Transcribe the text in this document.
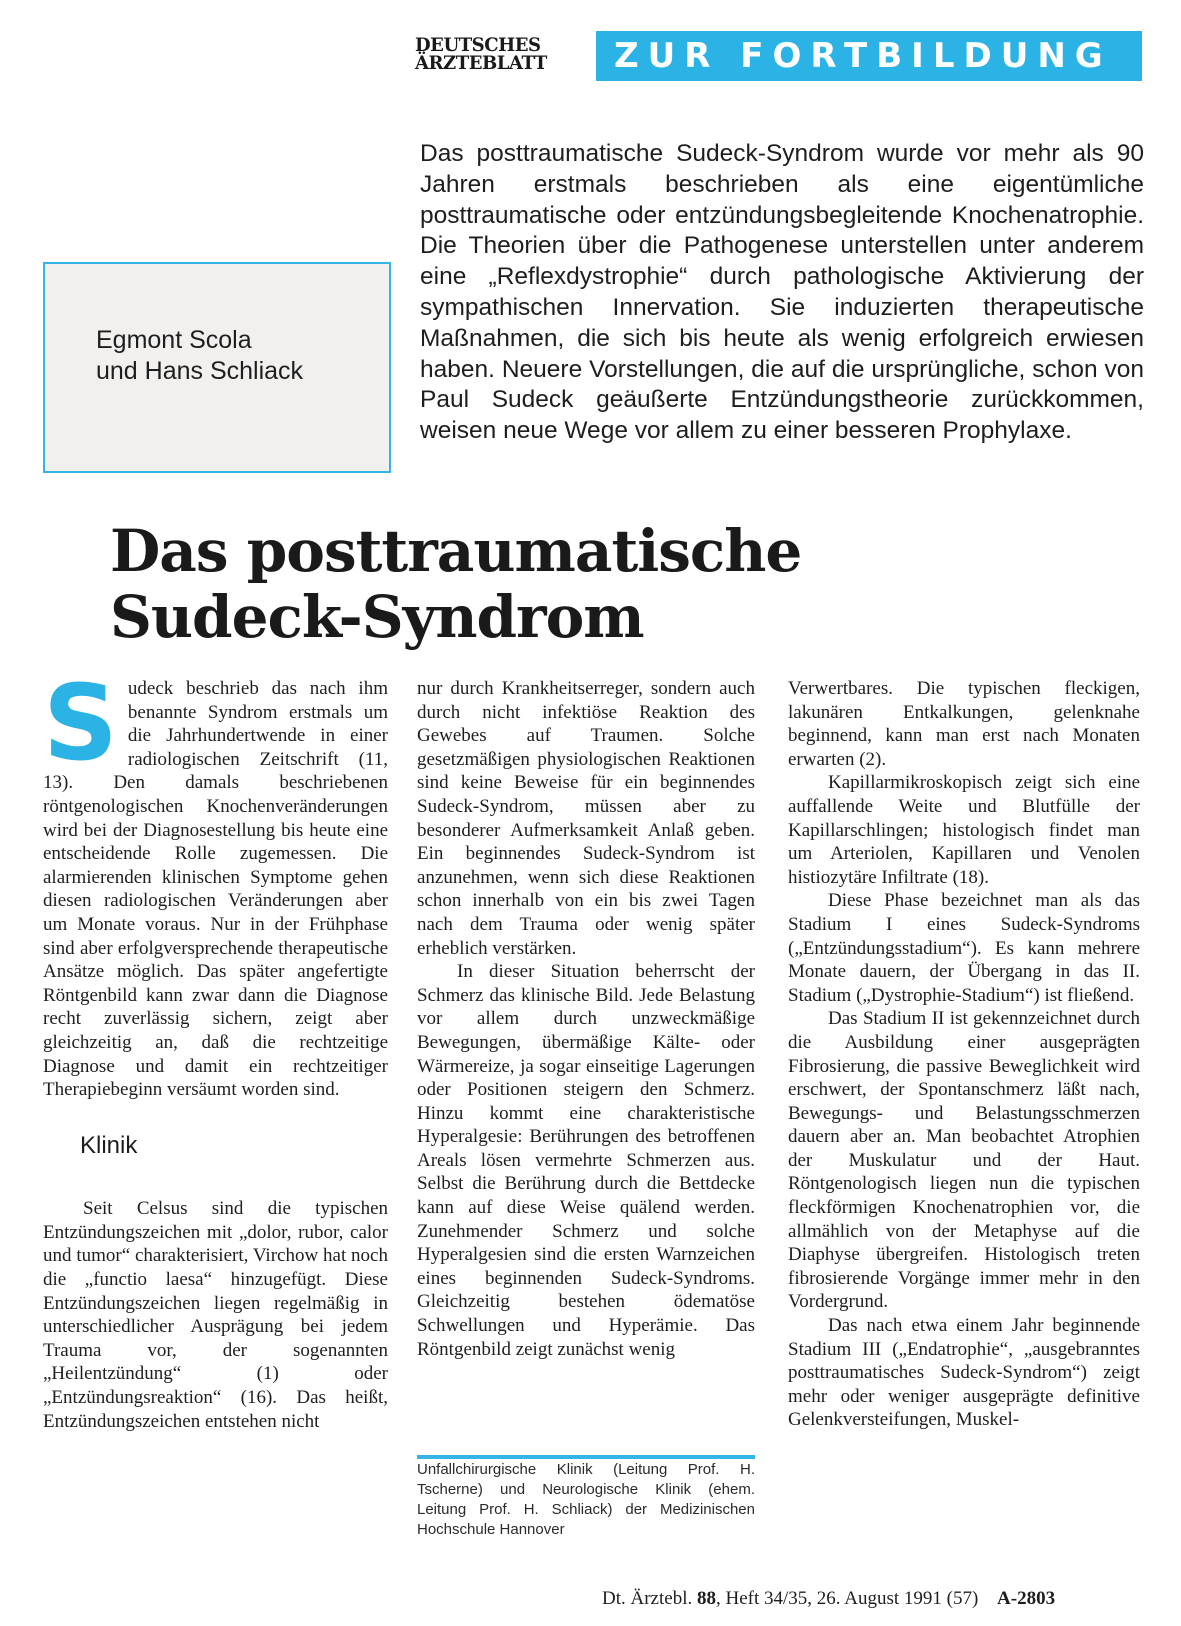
DEUTSCHES
ÄRZTEBLATT	ZUR FORTBILDUNG
Egmont Scola
und Hans Schliack
Das posttraumatische Sudeck-Syndrom wurde vor mehr als 90 Jahren erstmals beschrieben als eine eigentümliche posttraumatische oder entzündungsbegleitende Knochenatrophie. Die Theorien über die Pathogenese unterstellen unter anderem eine „Reflexdystrophie“ durch pathologische Aktivierung der sympathischen Innervation. Sie induzierten therapeutische Maßnahmen, die sich bis heute als wenig erfolgreich erwiesen haben. Neuere Vorstellungen, die auf die ursprüngliche, schon von Paul Sudeck geäußerte Entzündungstheorie zurückkommen, weisen neue Wege vor allem zu einer besseren Prophylaxe.
Das posttraumatische
Sudeck-Syndrom

Sudeck beschrieb das nach ihm benannte Syndrom erstmals um die Jahrhundertwende in einer radiologischen Zeitschrift (11, 13). Den damals beschriebenen röntgenologischen Knochenveränderungen wird bei der Diagnosestellung bis heute eine entscheidende Rolle zugemessen. Die alarmierenden klinischen Symptome gehen diesen radiologischen Veränderungen aber um Monate voraus. Nur in der Frühphase sind aber erfolgversprechende therapeutische Ansätze möglich. Das später angefertigte Röntgenbild kann zwar dann die Diagnose recht zuverlässig sichern, zeigt aber gleichzeitig an, daß die rechtzeitige Diagnose und damit ein rechtzeitiger Therapiebeginn versäumt worden sind.

Klinik

Seit Celsus sind die typischen Entzündungszeichen mit „dolor, rubor, calor und tumor“ charakterisiert, Virchow hat noch die „functio laesa“ hinzugefügt. Diese Entzündungszeichen liegen regelmäßig in unterschiedlicher Ausprägung bei jedem Trauma vor, der sogenannten „Heilentzündung“ (1) oder „Entzündungsreaktion“ (16). Das heißt, Entzündungszeichen entstehen nicht

nur durch Krankheitserreger, sondern auch durch nicht infektiöse Reaktion des Gewebes auf Traumen. Solche gesetzmäßigen physiologischen Reaktionen sind keine Beweise für ein beginnendes Sudeck-Syndrom, müssen aber zu besonderer Aufmerksamkeit Anlaß geben. Ein beginnendes Sudeck-Syndrom ist anzunehmen, wenn sich diese Reaktionen schon innerhalb von ein bis zwei Tagen nach dem Trauma oder wenig später erheblich verstärken.

In dieser Situation beherrscht der Schmerz das klinische Bild. Jede Belastung vor allem durch unzweckmäßige Bewegungen, übermäßige Kälte- oder Wärmereize, ja sogar einseitige Lagerungen oder Positionen steigern den Schmerz. Hinzu kommt eine charakteristische Hyperalgesie: Berührungen des betroffenen Areals lösen vermehrte Schmerzen aus. Selbst die Berührung durch die Bettdecke kann auf diese Weise quälend werden. Zunehmender Schmerz und solche Hyperalgesien sind die ersten Warnzeichen eines beginnenden Sudeck-Syndroms. Gleichzeitig bestehen ödematöse Schwellungen und Hyperämie. Das Röntgenbild zeigt zunächst wenig

Unfallchirurgische Klinik (Leitung Prof. H. Tscherne) und Neurologische Klinik (ehem. Leitung Prof. H. Schliack) der Medizinischen Hochschule Hannover

Verwertbares. Die typischen fleckigen, lakunären Entkalkungen, gelenknahe beginnend, kann man erst nach Monaten erwarten (2).

Kapillarmikroskopisch zeigt sich eine auffallende Weite und Blutfülle der Kapillarschlingen; histologisch findet man um Arteriolen, Kapillaren und Venolen histiozytäre Infiltrate (18).

Diese Phase bezeichnet man als das Stadium I eines Sudeck-Syndroms („Entzündungsstadium“). Es kann mehrere Monate dauern, der Übergang in das II. Stadium („Dystrophie-Stadium“) ist fließend.

Das Stadium II ist gekennzeichnet durch die Ausbildung einer ausgeprägten Fibrosierung, die passive Beweglichkeit wird erschwert, der Spontanschmerz läßt nach, Bewegungs- und Belastungsschmerzen dauern aber an. Man beobachtet Atrophien der Muskulatur und der Haut. Röntgenologisch liegen nun die typischen fleckförmigen Knochenatrophien vor, die allmählich von der Metaphyse auf die Diaphyse übergreifen. Histologisch treten fibrosierende Vorgänge immer mehr in den Vordergrund.

Das nach etwa einem Jahr beginnende Stadium III („Endatrophie“, „ausgebranntes posttraumatisches Sudeck-Syndrom“) zeigt mehr oder weniger ausgeprägte definitive Gelenkversteifungen, Muskel-

Dt. Ärztebl. 88, Heft 34/35, 26. August 1991 (57) A-2803
